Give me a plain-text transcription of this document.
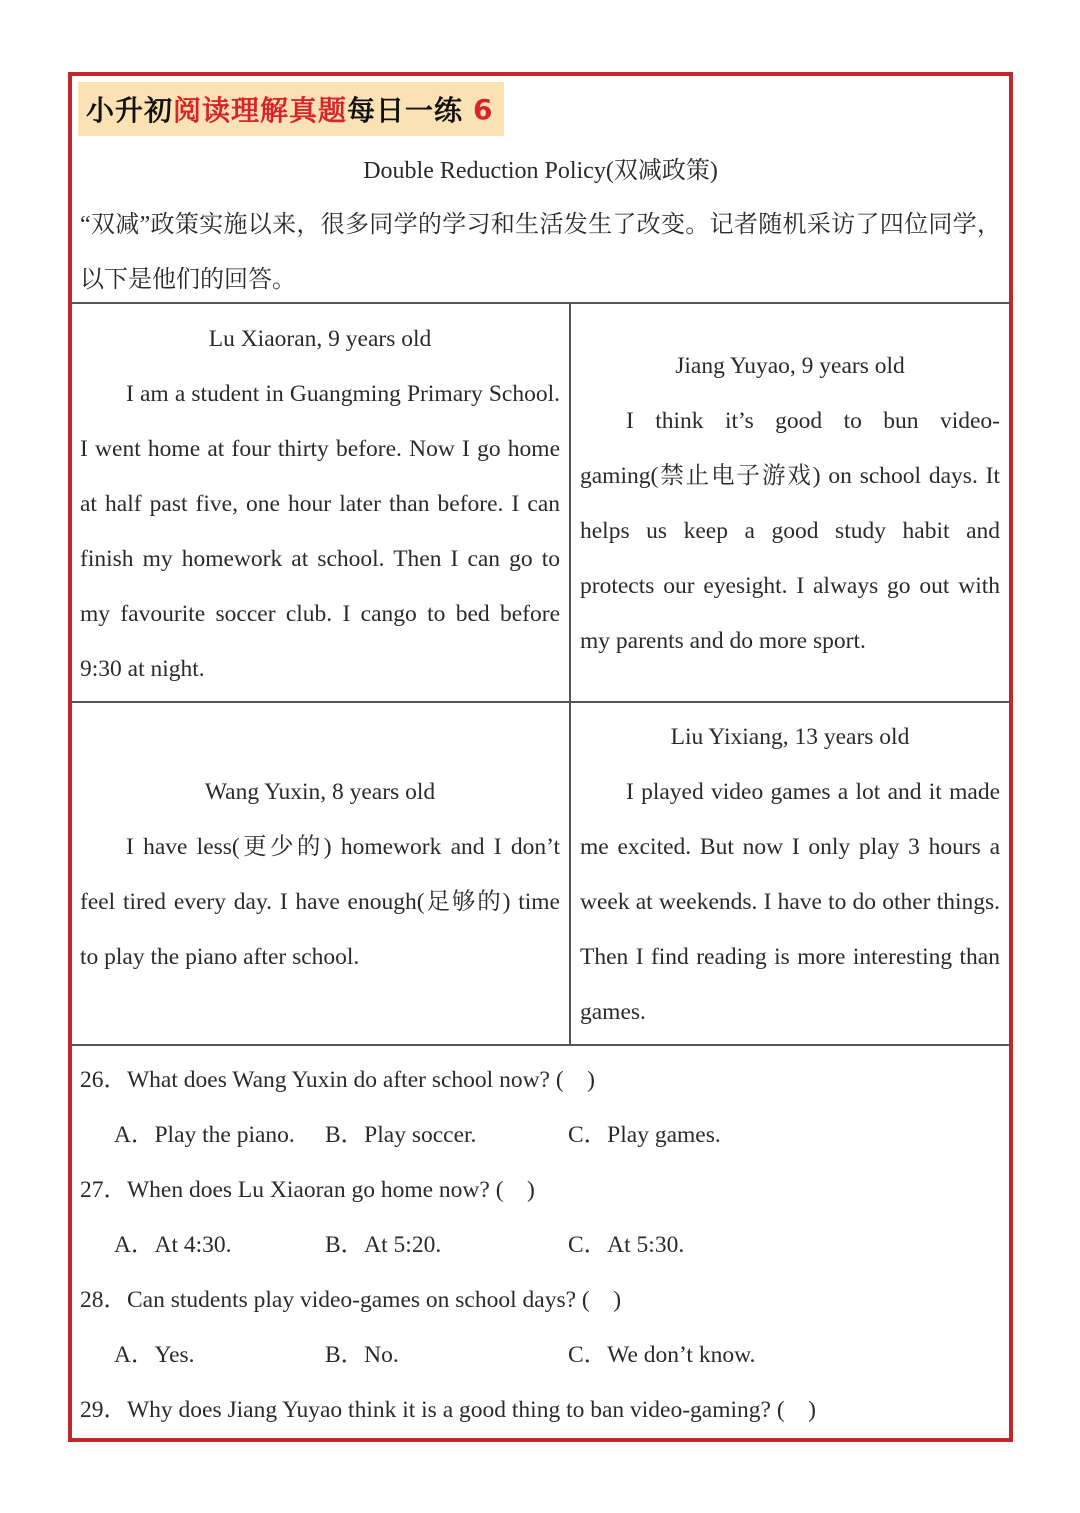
小升初 阅读理解真题 每日一练 6
Double Reduction Policy(双减政策)
“双减”政策实施以来，很多同学的学习和生活发生了改变。记者随机采访了四位同学，以下是他们的回答。
Lu Xiaoran, 9 years old
I am a student in Guangming Primary School. I went home at four thirty before. Now I go home at half past five, one hour later than before. I can finish my homework at school. Then I can go to my favourite soccer club. I cango to bed before 9:30 at night.
Jiang Yuyao, 9 years old
I think it’s good to bun video-gaming(禁止电子游戏) on school days. It helps us keep a good study habit and protects our eyesight. I always go out with my parents and do more sport.
Wang Yuxin, 8 years old
I have less(更少的) homework and I don’t feel tired every day. I have enough(足够的) time to play the piano after school.
Liu Yixiang, 13 years old
I played video games a lot and it made me excited. But now I only play 3 hours a week at weekends. I have to do other things. Then I find reading is more interesting than games.
26．What does Wang Yuxin do after school now? (　)
A．Play the piano. B．Play soccer.	C．Play games.
27．When does Lu Xiaoran go home now? (　)
A．At 4:30.	B．At 5:20.	C．At 5:30.
28．Can students play video-games on school days? (　)
A．Yes.	B．No.	C．We don’t know.
29．Why does Jiang Yuyao think it is a good thing to ban video-gaming? (　)
